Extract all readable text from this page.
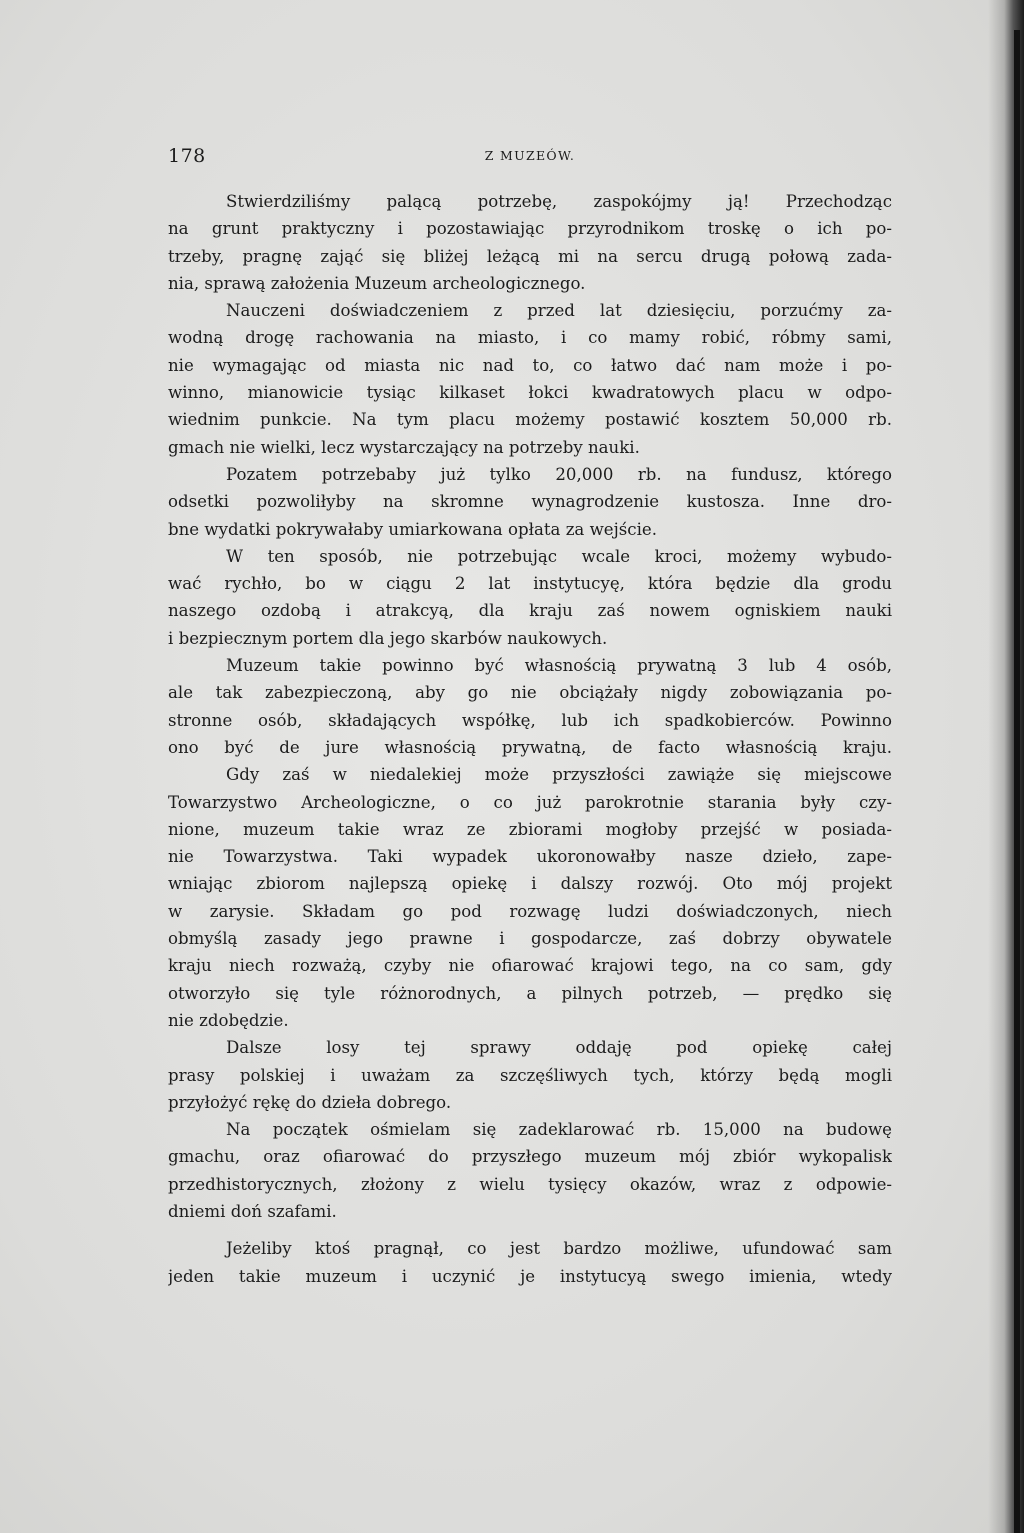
178	Z MUZEÓW.
Stwierdziliśmy palącą potrzebę, zaspokójmy ją! Przechodząc
na grunt praktyczny i pozostawiając przyrodnikom troskę o ich po-
trzeby, pragnę zająć się bliżej leżącą mi na sercu drugą połową zada-
nia, sprawą założenia Muzeum archeologicznego.
Nauczeni doświadczeniem z przed lat dziesięciu, porzućmy za-
wodną drogę rachowania na miasto, i co mamy robić, róbmy sami,
nie wymagając od miasta nic nad to, co łatwo dać nam może i po-
winno, mianowicie tysiąc kilkaset łokci kwadratowych placu w odpo-
wiednim punkcie. Na tym placu możemy postawić kosztem 50,000 rb.
gmach nie wielki, lecz wystarczający na potrzeby nauki.
Pozatem potrzebaby już tylko 20,000 rb. na fundusz, którego
odsetki pozwoliłyby na skromne wynagrodzenie kustosza. Inne dro-
bne wydatki pokrywałaby umiarkowana opłata za wejście.
W ten sposób, nie potrzebując wcale kroci, możemy wybudo-
wać rychło, bo w ciągu 2 lat instytucyę, która będzie dla grodu
naszego ozdobą i atrakcyą, dla kraju zaś nowem ogniskiem nauki
i bezpiecznym portem dla jego skarbów naukowych.
Muzeum takie powinno być własnością prywatną 3 lub 4 osób,
ale tak zabezpieczoną, aby go nie obciążały nigdy zobowiązania po-
stronne osób, składających współkę, lub ich spadkobierców. Powinno
ono być de jure własnością prywatną, de facto własnością kraju.
Gdy zaś w niedalekiej może przyszłości zawiąże się miejscowe
Towarzystwo Archeologiczne, o co już parokrotnie starania były czy-
nione, muzeum takie wraz ze zbiorami mogłoby przejść w posiada-
nie Towarzystwa. Taki wypadek ukoronowałby nasze dzieło, zape-
wniając zbiorom najlepszą opiekę i dalszy rozwój. Oto mój projekt
w zarysie. Składam go pod rozwagę ludzi doświadczonych, niech
obmyślą zasady jego prawne i gospodarcze, zaś dobrzy obywatele
kraju niech rozważą, czyby nie ofiarować krajowi tego, na co sam, gdy
otworzyło się tyle różnorodnych, a pilnych potrzeb, — prędko się
nie zdobędzie.
Dalsze losy tej sprawy oddaję pod opiekę całej
prasy polskiej i uważam za szczęśliwych tych, którzy będą mogli
przyłożyć rękę do dzieła dobrego.
Na początek ośmielam się zadeklarować rb. 15,000 na budowę
gmachu, oraz ofiarować do przyszłego muzeum mój zbiór wykopalisk
przedhistorycznych, złożony z wielu tysięcy okazów, wraz z odpowie-
dniemi doń szafami.
Jeżeliby ktoś pragnął, co jest bardzo możliwe, ufundować sam
jeden takie muzeum i uczynić je instytucyą swego imienia, wtedy
